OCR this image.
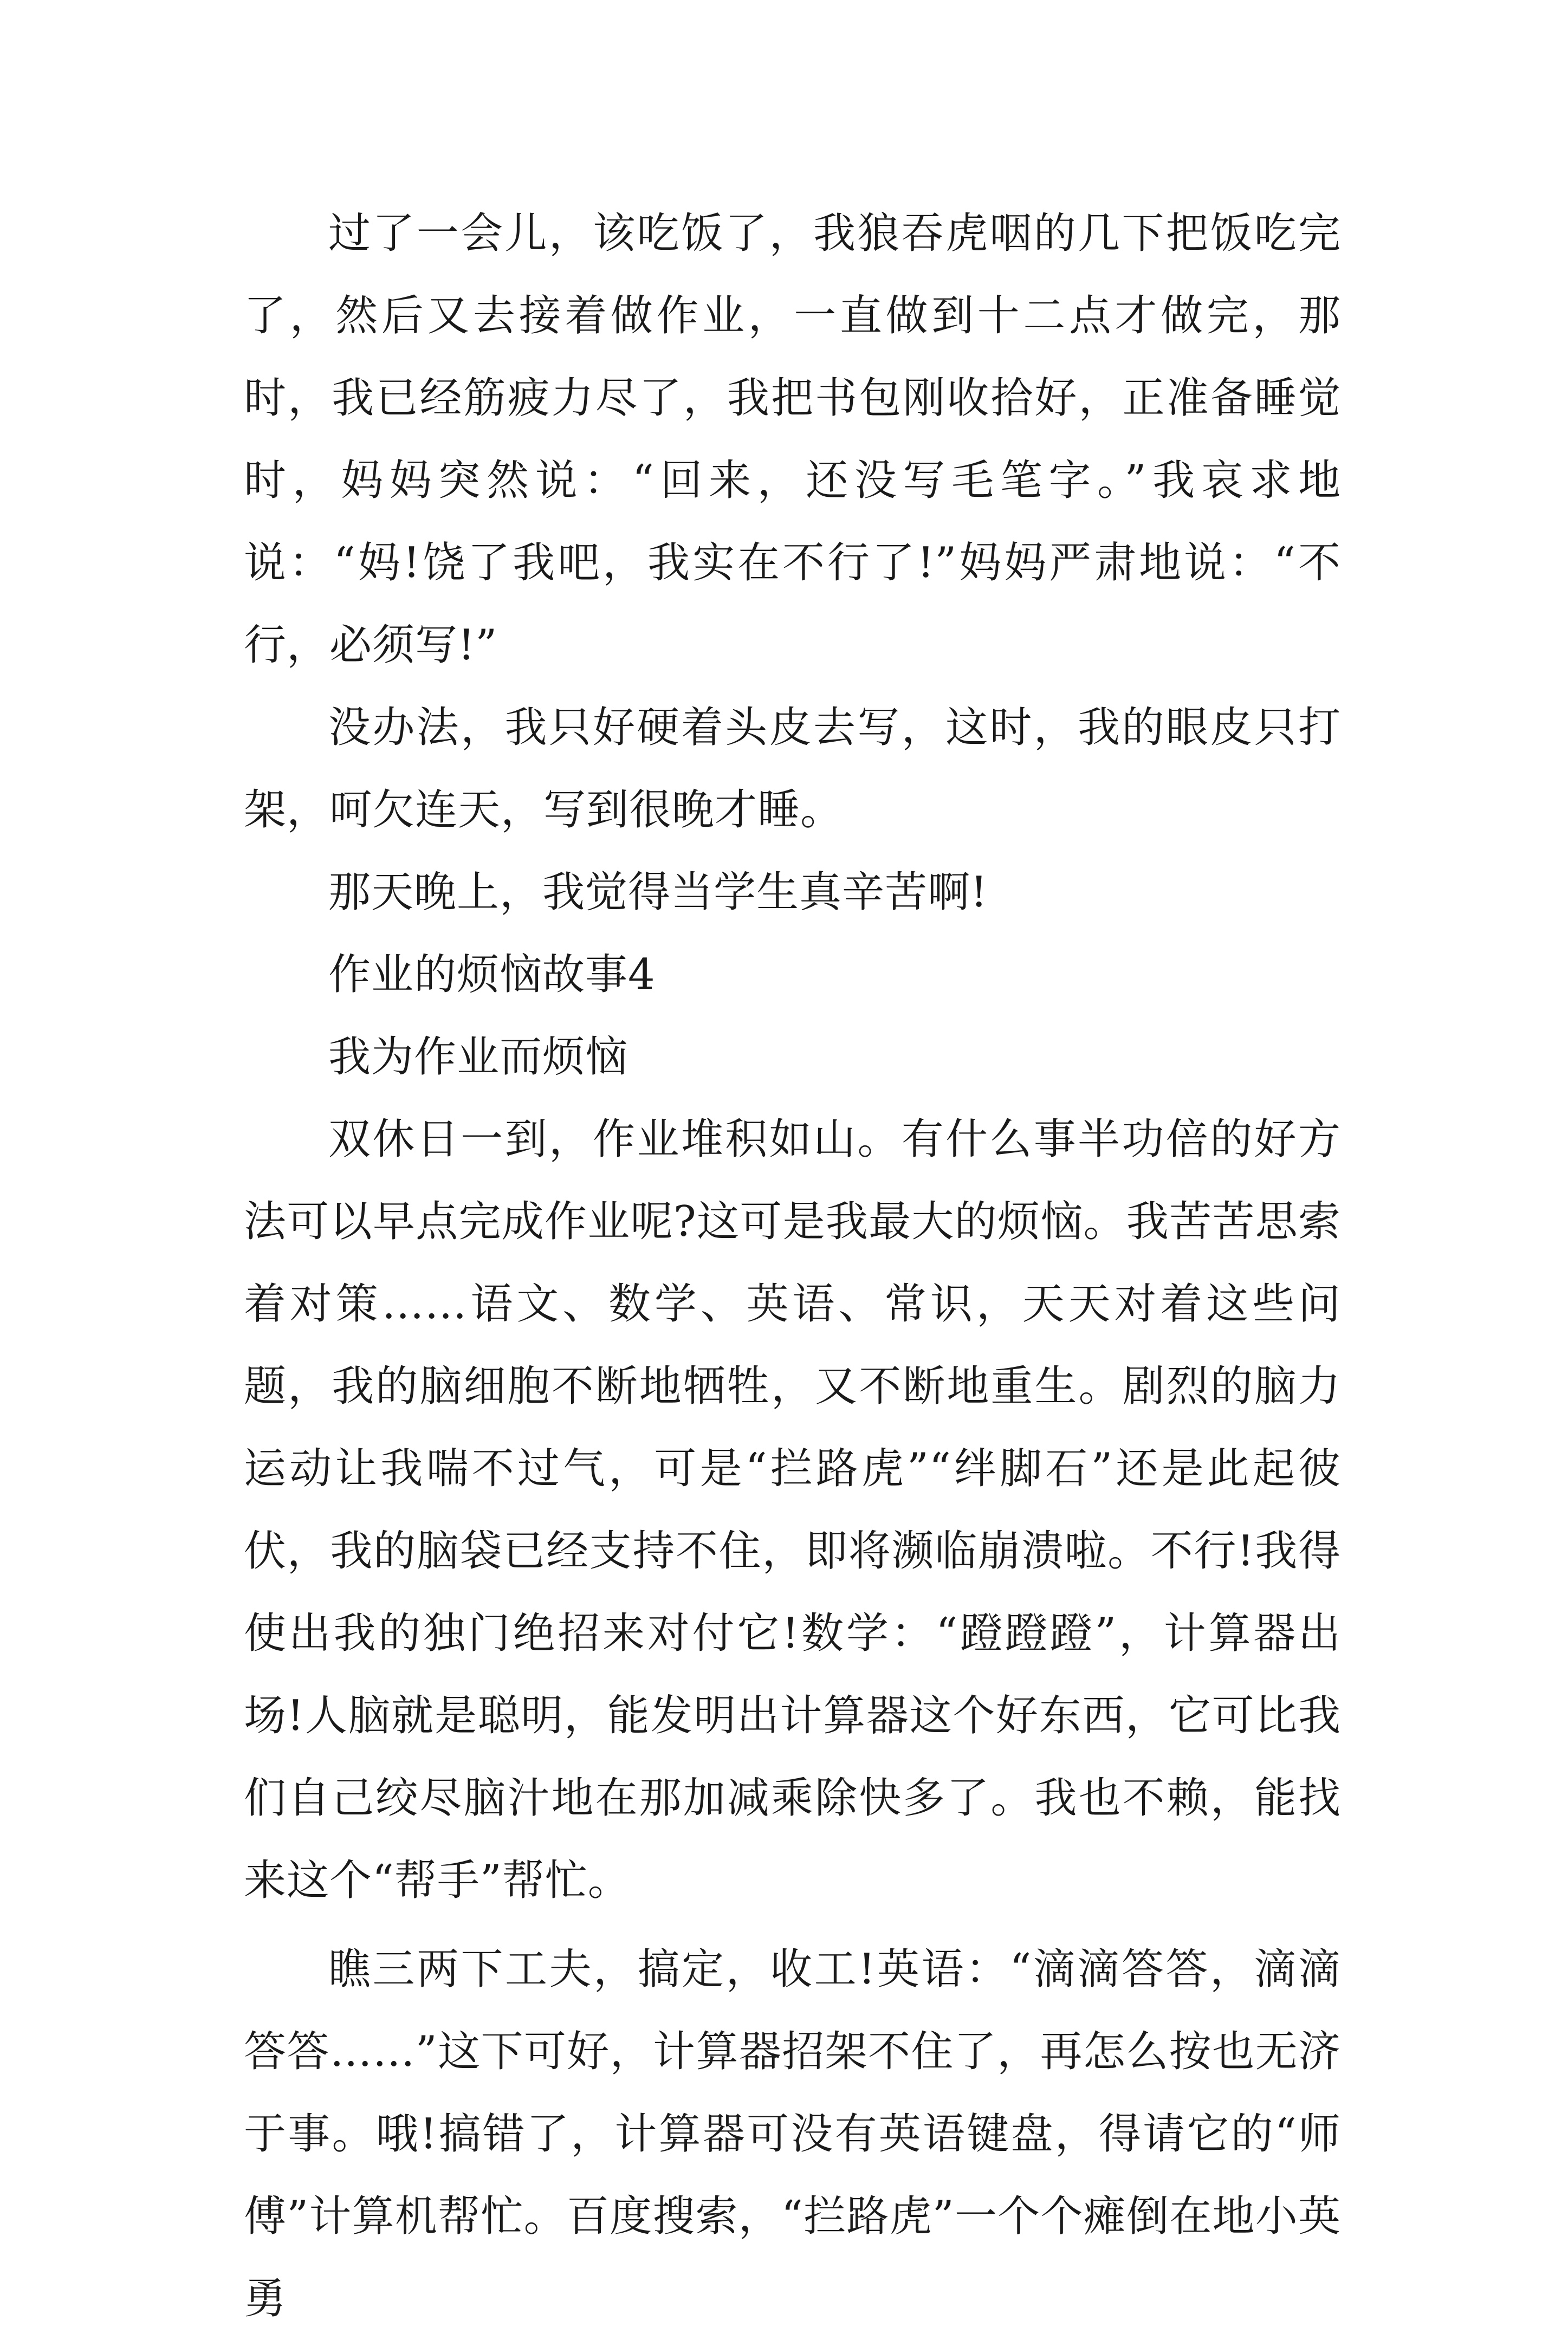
过了一会儿，该吃饭了，我狼吞虎咽的几下把饭吃完了，然后又去接着做作业，一直做到十二点才做完，那时，我已经筋疲力尽了，我把书包刚收拾好，正准备睡觉时，妈妈突然说：“回来，还没写毛笔字。”我哀求地说：“妈!饶了我吧，我实在不行了!”妈妈严肃地说：“不行，必须写!”

没办法，我只好硬着头皮去写，这时，我的眼皮只打架，呵欠连天，写到很晚才睡。

那天晚上，我觉得当学生真辛苦啊!

作业的烦恼故事4

我为作业而烦恼

双休日一到，作业堆积如山。有什么事半功倍的好方法可以早点完成作业呢?这可是我最大的烦恼。我苦苦思索着对策……语文、数学、英语、常识，天天对着这些问题，我的脑细胞不断地牺牲，又不断地重生。剧烈的脑力运动让我喘不过气，可是“拦路虎”“绊脚石”还是此起彼伏，我的脑袋已经支持不住，即将濒临崩溃啦。不行!我得使出我的独门绝招来对付它!数学：“蹬蹬蹬”，计算器出场!人脑就是聪明，能发明出计算器这个好东西，它可比我们自己绞尽脑汁地在那加减乘除快多了。我也不赖，能找来这个“帮手”帮忙。

瞧三两下工夫，搞定，收工!英语：“滴滴答答，滴滴答答……”这下可好，计算器招架不住了，再怎么按也无济于事。哦!搞错了，计算器可没有英语键盘，得请它的“师傅”计算机帮忙。百度搜索，“拦路虎”一个个瘫倒在地小英勇
